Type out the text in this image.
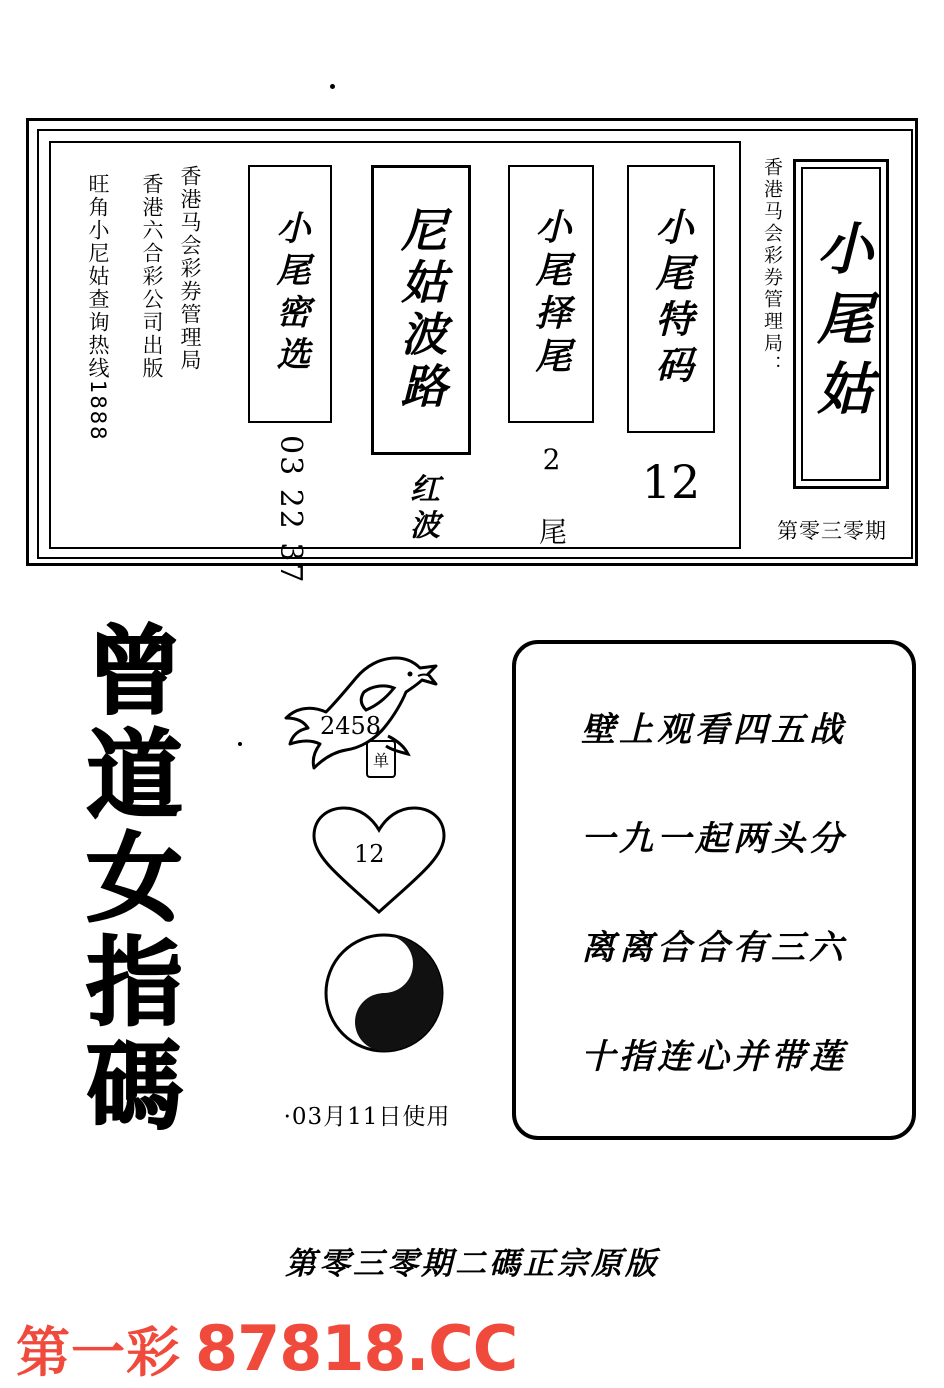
小尾姑
香港马会彩券管理局：
第零三零期
小尾特码
12
小尾择尾
2 尾
尼姑波路
红波
小尾密选
03 22 37
香港马会彩券管理局
香港六合彩公司出版
旺角小尼姑查询热线1888
曾
道
女
指
碼
2458
单
12
22
·03月11日使用
壁上观看四五战
一九一起两头分
离离合合有三六
十指连心并带莲
第零三零期二碼正宗原版
第一彩 87818.CC
